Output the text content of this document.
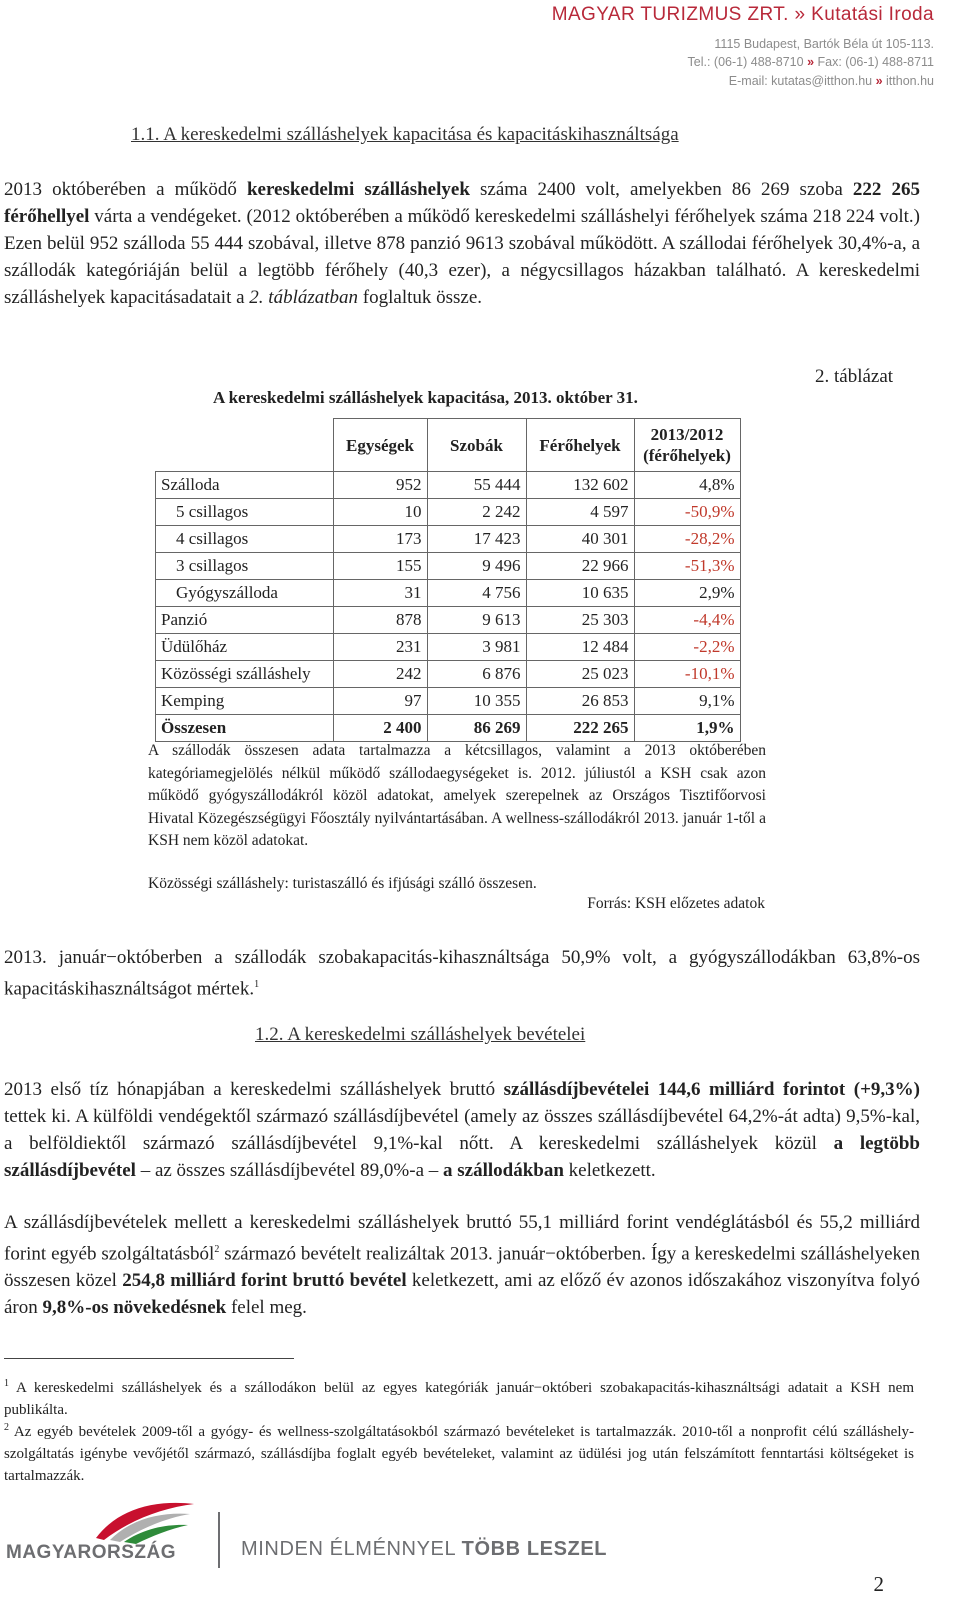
MAGYAR TURIZMUS ZRT. » Kutatási Iroda
1115 Budapest, Bartók Béla út 105-113.
Tel.: (06-1) 488-8710 » Fax: (06-1) 488-8711
E-mail: kutatas@itthon.hu » itthon.hu
1.1. A kereskedelmi szálláshelyek kapacitása és kapacitáskihasználtsága
2013 októberében a működő kereskedelmi szálláshelyek száma 2400 volt, amelyekben 86 269 szoba 222 265 férőhellyel várta a vendégeket. (2012 októberében a működő kereskedelmi szálláshelyi férőhelyek száma 218 224 volt.) Ezen belül 952 szálloda 55 444 szobával, illetve 878 panzió 9613 szobával működött. A szállodai férőhelyek 30,4%-a, a szállodák kategóriáján belül a legtöbb férőhely (40,3 ezer), a négycsillagos házakban található. A kereskedelmi szálláshelyek kapacitásadatait a 2. táblázatban foglaltuk össze.
2. táblázat
A kereskedelmi szálláshelyek kapacitása, 2013. október 31.
	Egységek	Szobák	Férőhelyek	2013/2012 (férőhelyek)
Szálloda	952	55 444	132 602	4,8%
5 csillagos	10	2 242	4 597	-50,9%
4 csillagos	173	17 423	40 301	-28,2%
3 csillagos	155	9 496	22 966	-51,3%
Gyógyszálloda	31	4 756	10 635	2,9%
Panzió	878	9 613	25 303	-4,4%
Üdülőház	231	3 981	12 484	-2,2%
Közösségi szálláshely	242	6 876	25 023	-10,1%
Kemping	97	10 355	26 853	9,1%
Összesen	2 400	86 269	222 265	1,9%
A szállodák összesen adata tartalmazza a kétcsillagos, valamint a 2013 októberében kategóriamegjelölés nélkül működő szállodaegységeket is. 2012. júliustól a KSH csak azon működő gyógyszállodákról közöl adatokat, amelyek szerepelnek az Országos Tisztifőorvosi Hivatal Közegészségügyi Főosztály nyilvántartásában. A wellness-szállodákról 2013. január 1-től a KSH nem közöl adatokat.
Közösségi szálláshely: turistaszálló és ifjúsági szálló összesen.
Forrás: KSH előzetes adatok
2013. január−októberben a szállodák szobakapacitás-kihasználtsága 50,9% volt, a gyógyszállodákban 63,8%-os kapacitáskihasználtságot mértek.$^1$
1.2. A kereskedelmi szálláshelyek bevételei
2013 első tíz hónapjában a kereskedelmi szálláshelyek bruttó szállásdíjbevételei 144,6 milliárd forintot (+9,3%) tettek ki. A külföldi vendégektől származó szállásdíjbevétel (amely az összes szállásdíjbevétel 64,2%-át adta) 9,5%-kal, a belföldiektől származó szállásdíjbevétel 9,1%-kal nőtt. A kereskedelmi szálláshelyek közül a legtöbb szállásdíjbevétel – az összes szállásdíjbevétel 89,0%-a – a szállodákban keletkezett.
A szállásdíjbevételek mellett a kereskedelmi szálláshelyek bruttó 55,1 milliárd forint vendéglátásból és 55,2 milliárd forint egyéb szolgáltatásból$^2$ származó bevételt realizáltak 2013. január−októberben. Így a kereskedelmi szálláshelyeken összesen közel 254,8 milliárd forint bruttó bevétel keletkezett, ami az előző év azonos időszakához viszonyítva folyó áron 9,8%-os növekedésnek felel meg.
$^1$ A kereskedelmi szálláshelyek és a szállodákon belül az egyes kategóriák január−októberi szobakapacitás-kihasználtsági adatait a KSH nem publikálta.
$^2$ Az egyéb bevételek 2009-től a gyógy- és wellness-szolgáltatásokból származó bevételeket is tartalmazzák. 2010-től a nonprofit célú szálláshely-szolgáltatás igénybe vevőjétől származó, szállásdíjba foglalt egyéb bevételeket, valamint az üdülési jog után felszámított fenntartási költségeket is tartalmazzák.
MAGYARORSZÁG	MINDEN ÉLMÉNNYEL TÖBB LESZEL
2
